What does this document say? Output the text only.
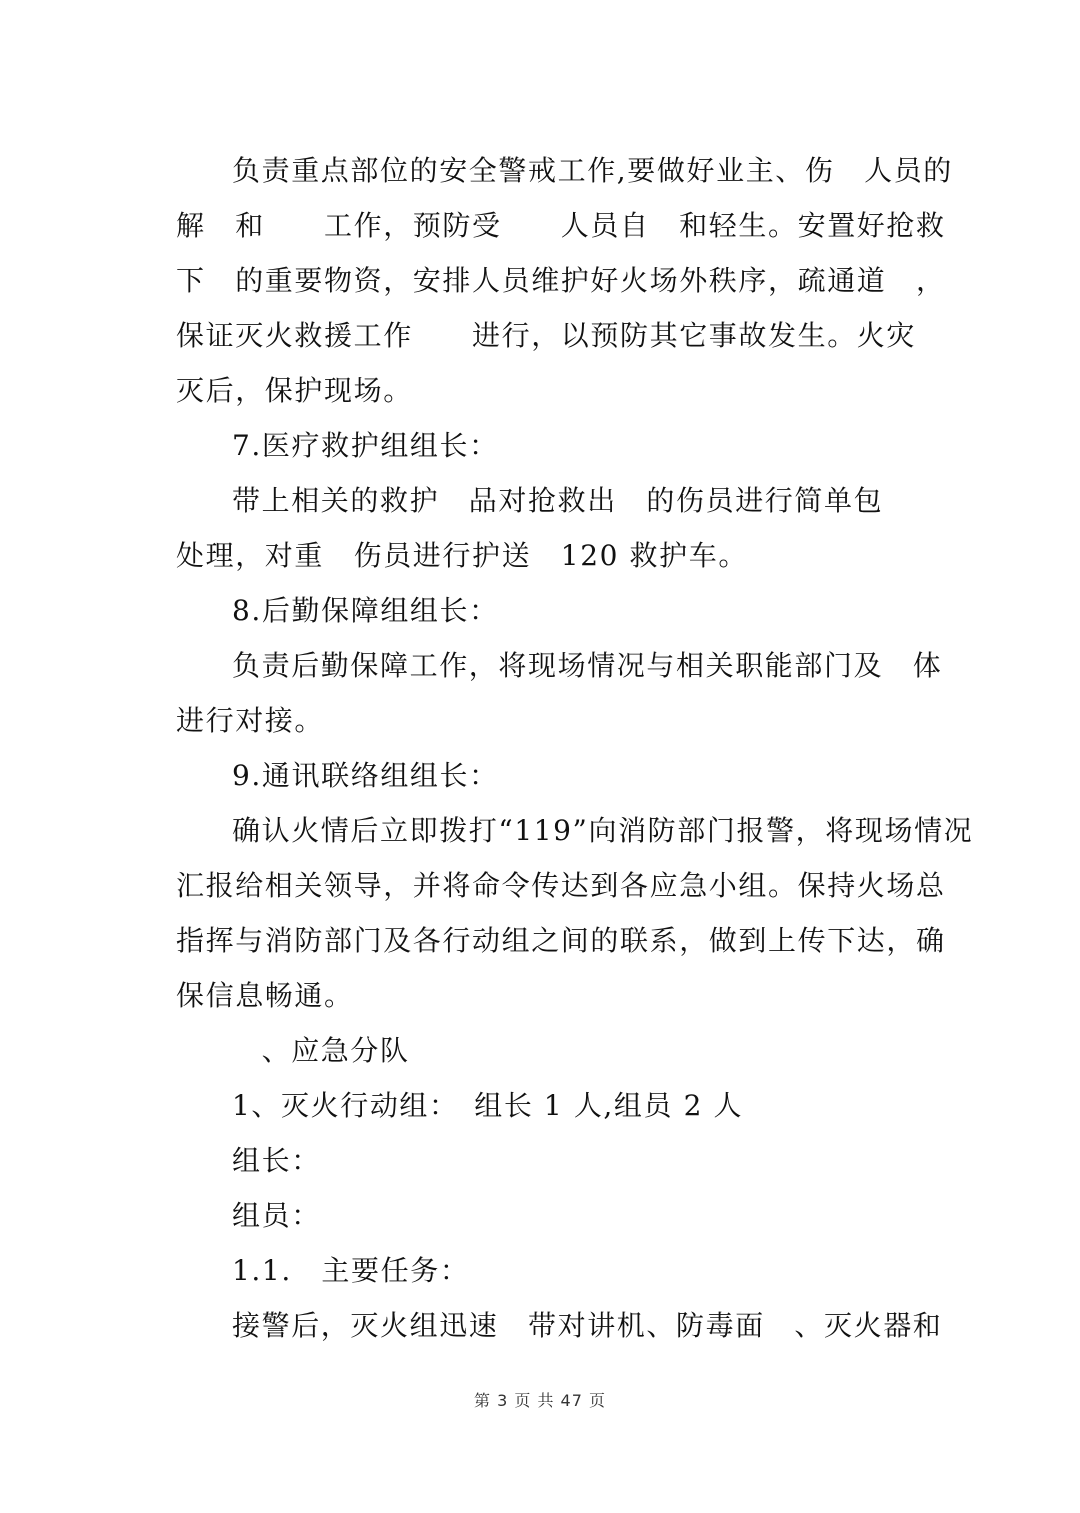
负责重点部位的安全警戒工作,要做好业主、伤　人员的
解　和　　工作，预防受　　人员自　和轻生。安置好抢救
下　的重要物资，安排人员维护好火场外秩序，疏通道　，
保证灭火救援工作　　进行，以预防其它事故发生。火灾
灭后，保护现场。
7.医疗救护组组长：
带上相关的救护　品对抢救出　的伤员进行简单包
处理，对重　伤员进行护送　120 救护车。
8.后勤保障组组长：
负责后勤保障工作，将现场情况与相关职能部门及　体
进行对接。
9.通讯联络组组长：
确认火情后立即拨打“119”向消防部门报警，将现场情况
汇报给相关领导，并将命令传达到各应急小组。保持火场总
指挥与消防部门及各行动组之间的联系，做到上传下达，确
保信息畅通。
　、应急分队
1、灭火行动组：　组长 1 人,组员 2 人
组长：
组员：
1.1.　主要任务：
接警后，灭火组迅速　带对讲机、防毒面　、灭火器和
第 3 页 共 47 页
